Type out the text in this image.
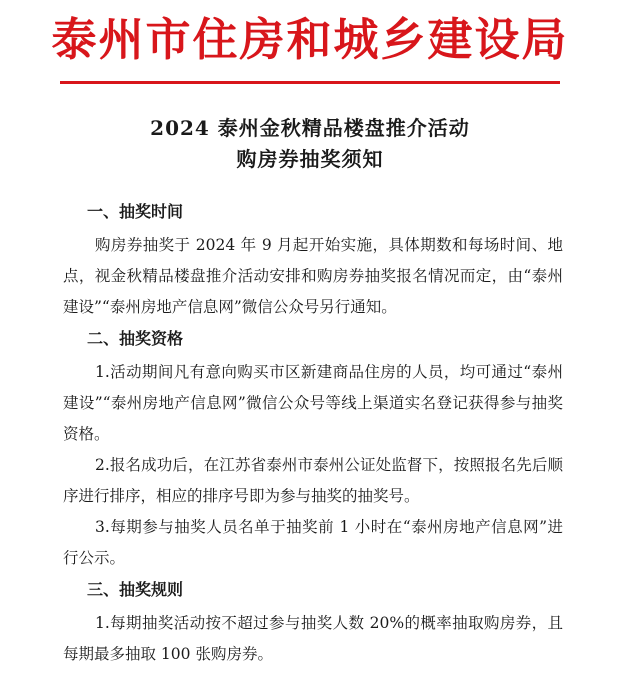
泰州市住房和城乡建设局
2024 泰州金秋精品楼盘推介活动
购房券抽奖须知
一、抽奖时间

购房券抽奖于 2024 年 9 月起开始实施，具体期数和每场时间、地点，视金秋精品楼盘推介活动安排和购房券抽奖报名情况而定，由“泰州建设”“泰州房地产信息网”微信公众号另行通知。

二、抽奖资格

1.活动期间凡有意向购买市区新建商品住房的人员，均可通过“泰州建设”“泰州房地产信息网”微信公众号等线上渠道实名登记获得参与抽奖资格。

2.报名成功后，在江苏省泰州市泰州公证处监督下，按照报名先后顺序进行排序，相应的排序号即为参与抽奖的抽奖号。

3.每期参与抽奖人员名单于抽奖前 1 小时在“泰州房地产信息网”进行公示。

三、抽奖规则

1.每期抽奖活动按不超过参与抽奖人数 20%的概率抽取购房券，且每期最多抽取 100 张购房券。
